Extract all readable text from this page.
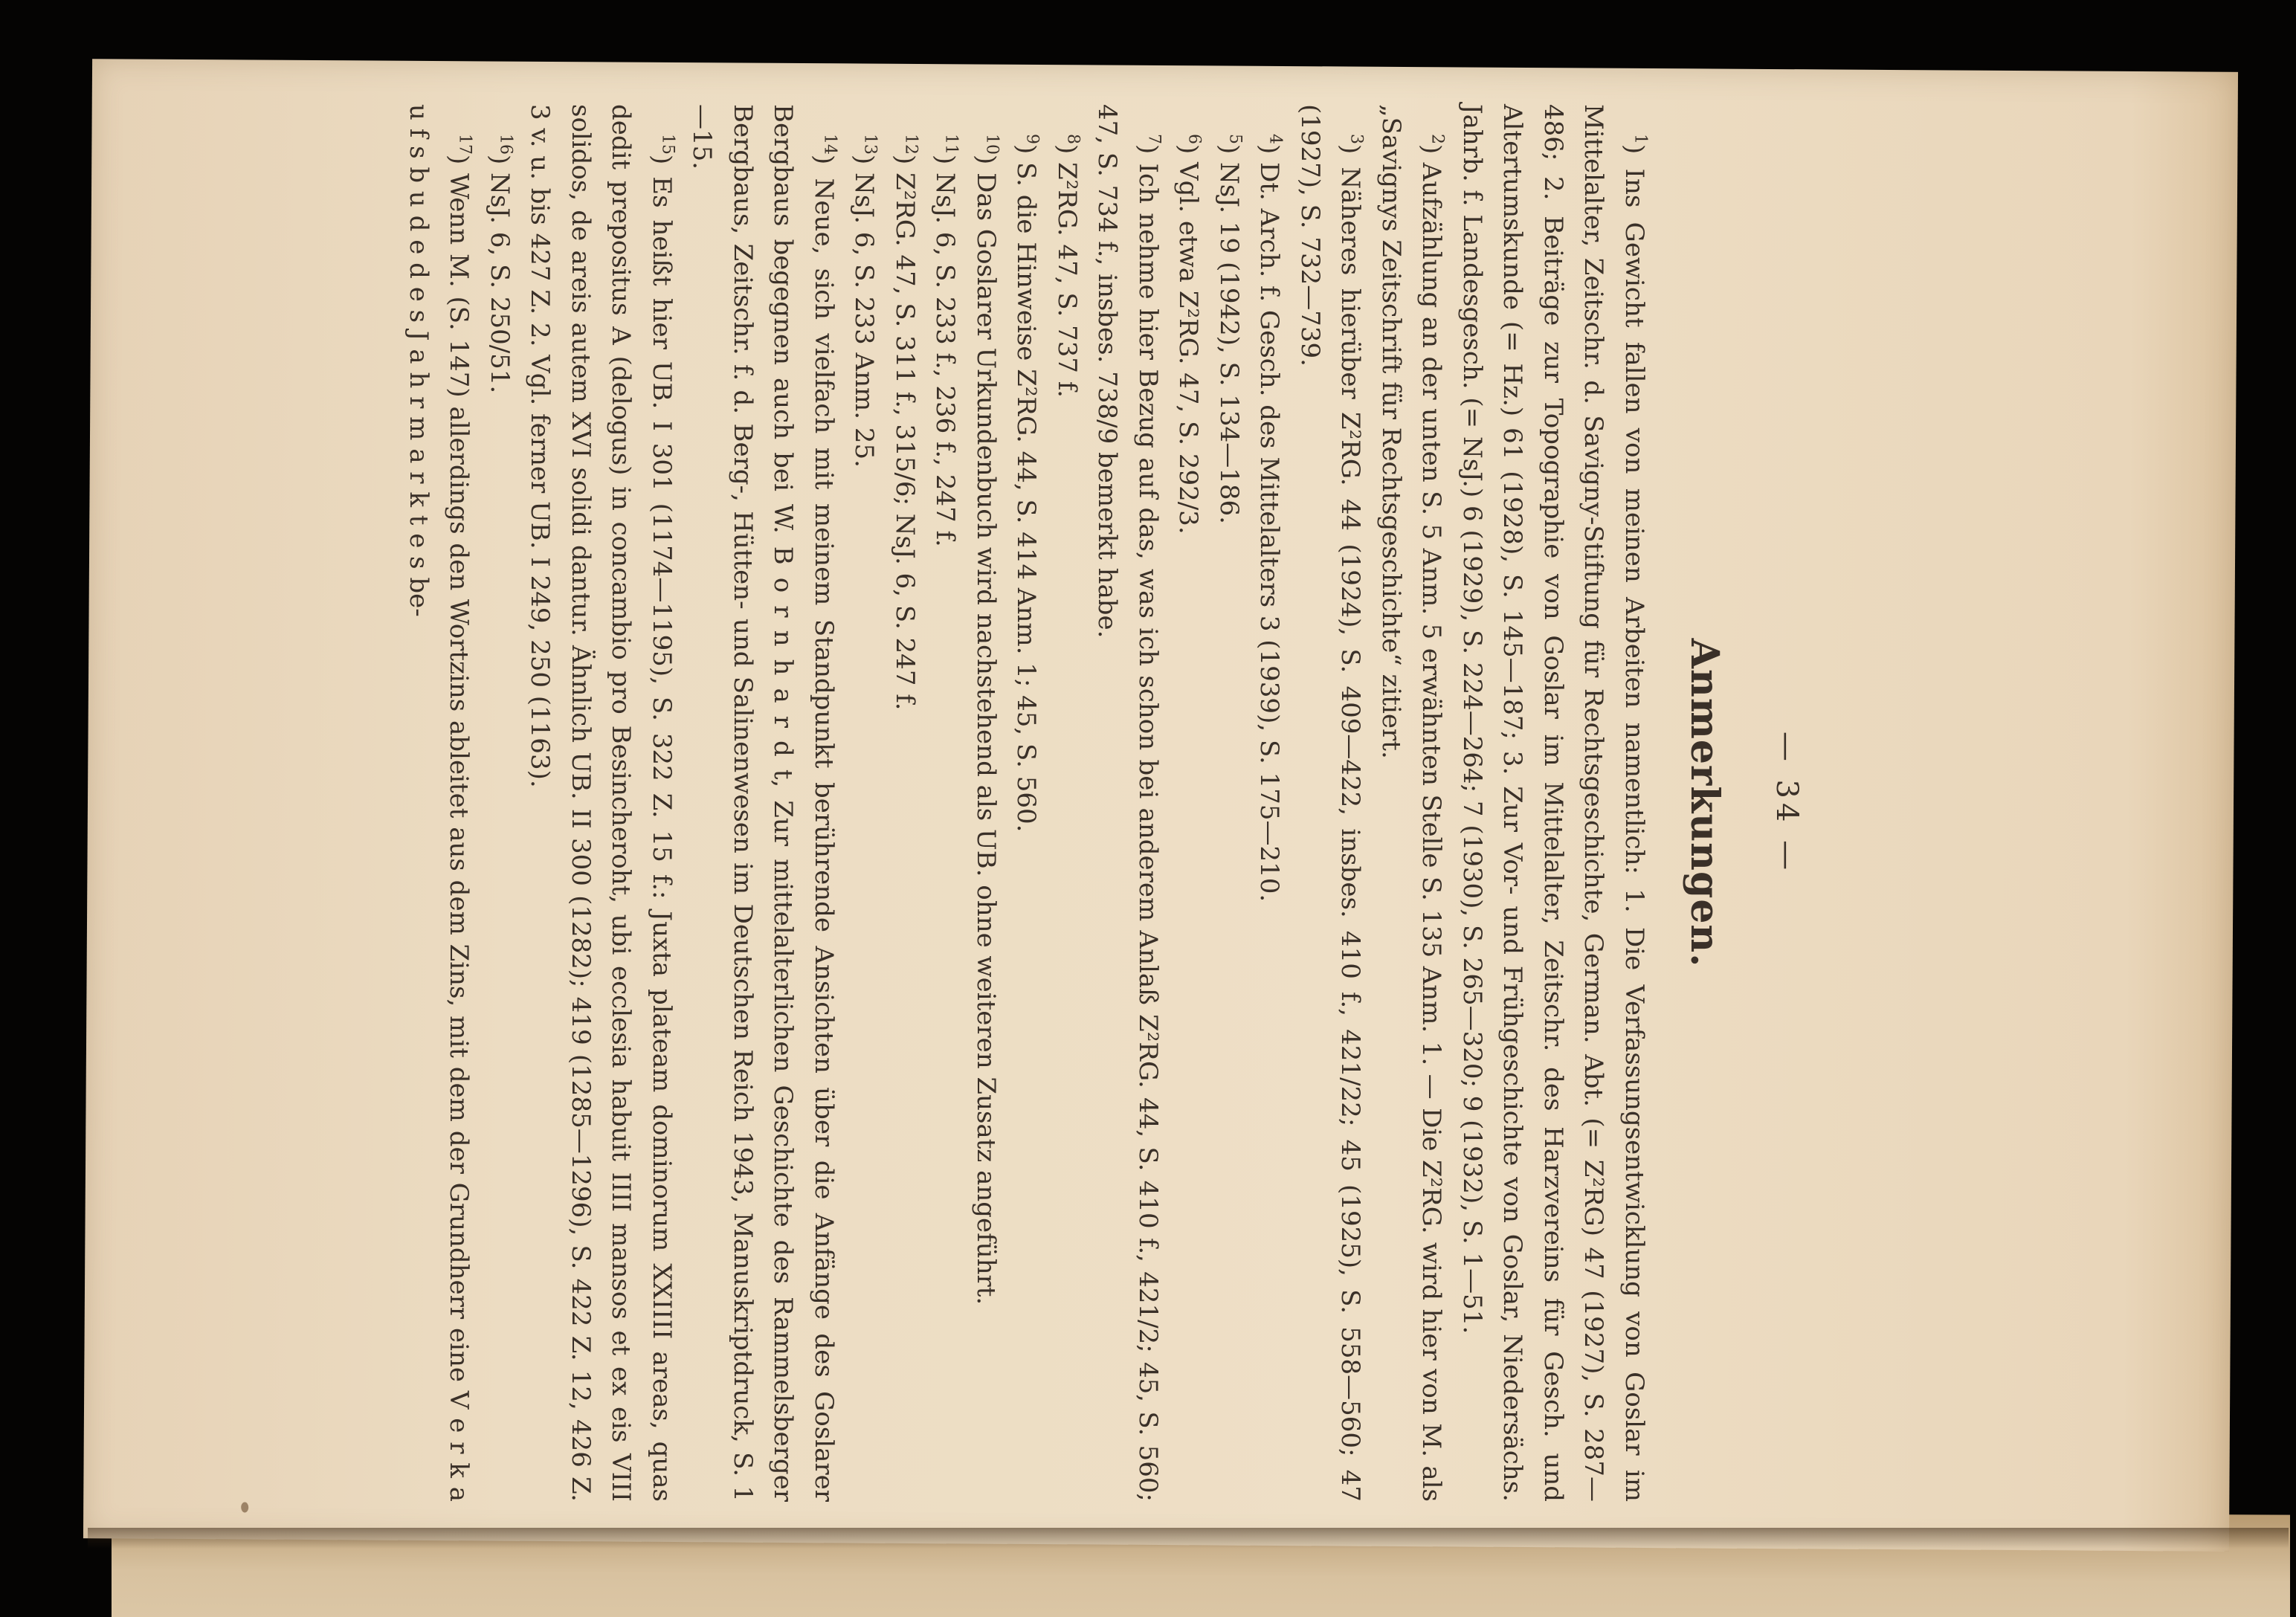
— 34 —
Anmerkungen.

$^1$) Ins Gewicht fallen von meinen Arbeiten namentlich: 1. Die Verfassungsentwicklung von Goslar im Mittelalter, Zeitschr. d. Savigny-Stiftung für Rechtsgeschichte, German. Abt. (= Z²RG) 47 (1927), S. 287—486; 2. Beiträge zur Topographie von Goslar im Mittelalter, Zeitschr. des Harzvereins für Gesch. und Altertumskunde (= Hz.) 61 (1928), S. 145—187; 3. Zur Vor- und Frühgeschichte von Goslar, Niedersächs. Jahrb. f. Landesgesch. (= NsJ.) 6 (1929), S. 224—264; 7 (1930), S. 265—320; 9 (1932), S. 1—51.

$^2$) Aufzählung an der unten S. 5 Anm. 5 erwähnten Stelle S. 135 Anm. 1. — Die Z²RG. wird hier von M. als „Savignys Zeitschrift für Rechtsgeschichte“ zitiert.

$^3$) Näheres hierüber Z²RG. 44 (1924), S. 409—422, insbes. 410 f., 421/22; 45 (1925), S. 558—560; 47 (1927), S. 732—739.

$^4$) Dt. Arch. f. Gesch. des Mittelalters 3 (1939), S. 175—210.

$^5$) NsJ. 19 (1942), S. 134—186.

$^6$) Vgl. etwa Z²RG. 47, S. 292/3.

$^7$) Ich nehme hier Bezug auf das, was ich schon bei anderem Anlaß Z²RG. 44, S. 410 f., 421/2; 45, S. 560; 47, S. 734 f., insbes. 738/9 bemerkt habe.

$^8$) Z²RG. 47, S. 737 f.

$^9$) S. die Hinweise Z²RG. 44, S. 414 Anm. 1; 45, S. 560.

$^{10}$) Das Goslarer Urkundenbuch wird nachstehend als UB. ohne weiteren Zusatz angeführt.

$^{11}$) NsJ. 6, S. 233 f., 236 f., 247 f.

$^{12}$) Z²RG. 47, S. 311 f., 315/6; NsJ. 6, S. 247 f.

$^{13}$) NsJ. 6, S. 233 Anm. 25.

$^{14}$) Neue, sich vielfach mit meinem Standpunkt berührende Ansichten über die Anfänge des Goslarer Bergbaus begegnen auch bei W. B o r n h a r d t, Zur mittelalterlichen Geschichte des Rammelsberger Bergbaus, Zeitschr. f. d. Berg-, Hütten- und Salinenwesen im Deutschen Reich 1943, Manuskriptdruck, S. 1—15.

$^{15}$) Es heißt hier UB. I 301 (1174—1195), S. 322 Z. 15 f.: Juxta plateam dominorum XXIIII areas, quas dedit prepositus A (delogus) in concambio pro Besincheroht, ubi ecclesia habuit IIII mansos et ex eis VIII solidos, de areis autem XVI solidi dantur. Ähnlich UB. II 300 (1282); 419 (1285—1296), S. 422 Z. 12, 426 Z. 3 v. u. bis 427 Z. 2. Vgl. ferner UB. I 249, 250 (1163).

$^{16}$) NsJ. 6, S. 250/51.

$^{17}$) Wenn M. (S. 147) allerdings den Wortzins ableitet aus dem Zins, mit dem der Grundherr eine V e r k a u f s b u d e d e s J a h r m a r k t e s be-
